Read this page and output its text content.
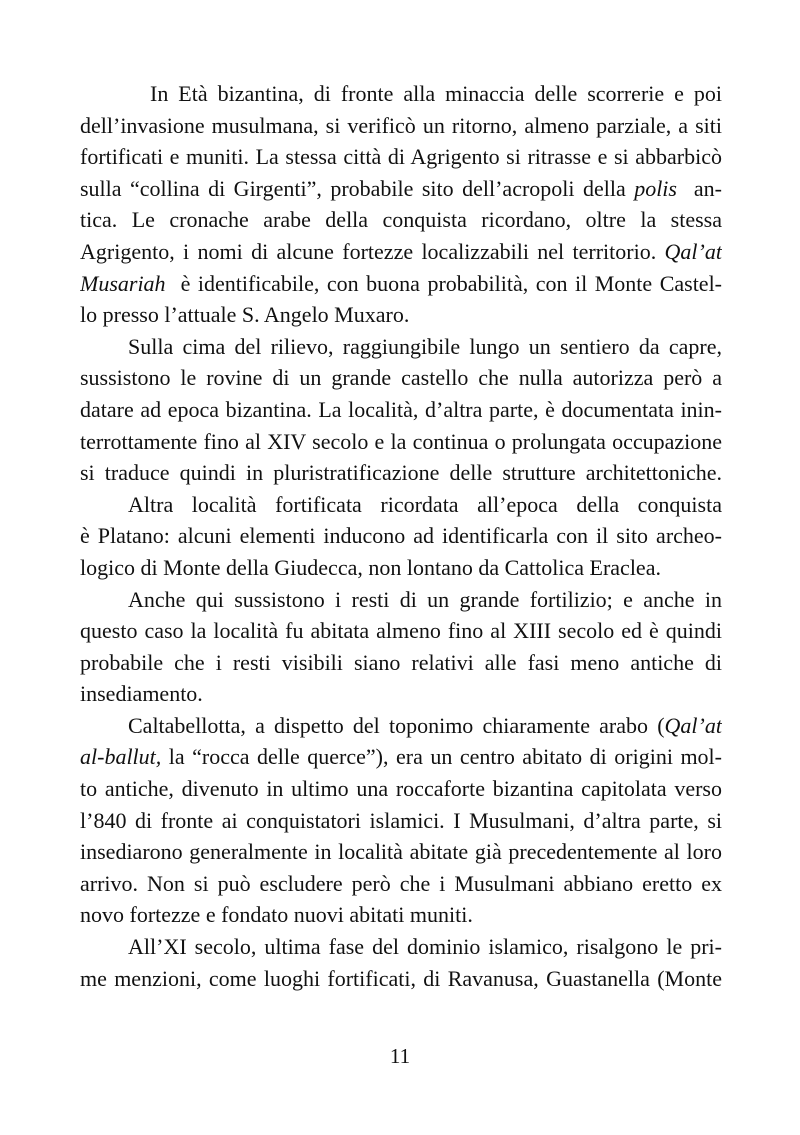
In Età bizantina, di fronte alla minaccia delle scorrerie e poi
dell’invasione musulmana, si verificò un ritorno, almeno parziale, a siti
fortificati e muniti. La stessa città di Agrigento si ritrasse e si abbarbicò
sulla “collina di Girgenti”, probabile sito dell’acropoli della polis an-
tica. Le cronache arabe della conquista ricordano, oltre la stessa
Agrigento, i nomi di alcune fortezze localizzabili nel territorio. Qal’at
Musariah è identificabile, con buona probabilità, con il Monte Castel-
lo presso l’attuale S. Angelo Muxaro.
Sulla cima del rilievo, raggiungibile lungo un sentiero da capre,
sussistono le rovine di un grande castello che nulla autorizza però a
datare ad epoca bizantina. La località, d’altra parte, è documentata inin-
terrottamente fino al XIV secolo e la continua o prolungata occupazione
si traduce quindi in pluristratificazione delle strutture architettoniche.
Altra località fortificata ricordata all’epoca della conquista
è Platano: alcuni elementi inducono ad identificarla con il sito archeo-
logico di Monte della Giudecca, non lontano da Cattolica Eraclea.
Anche qui sussistono i resti di un grande fortilizio; e anche in
questo caso la località fu abitata almeno fino al XIII secolo ed è quindi
probabile che i resti visibili siano relativi alle fasi meno antiche di
insediamento.
Caltabellotta, a dispetto del toponimo chiaramente arabo (Qal’at
al-ballut, la “rocca delle querce”), era un centro abitato di origini mol-
to antiche, divenuto in ultimo una roccaforte bizantina capitolata verso
l’840 di fronte ai conquistatori islamici. I Musulmani, d’altra parte, si
insediarono generalmente in località abitate già precedentemente al loro
arrivo. Non si può escludere però che i Musulmani abbiano eretto ex
novo fortezze e fondato nuovi abitati muniti.
All’XI secolo, ultima fase del dominio islamico, risalgono le pri-
me menzioni, come luoghi fortificati, di Ravanusa, Guastanella (Monte
11
